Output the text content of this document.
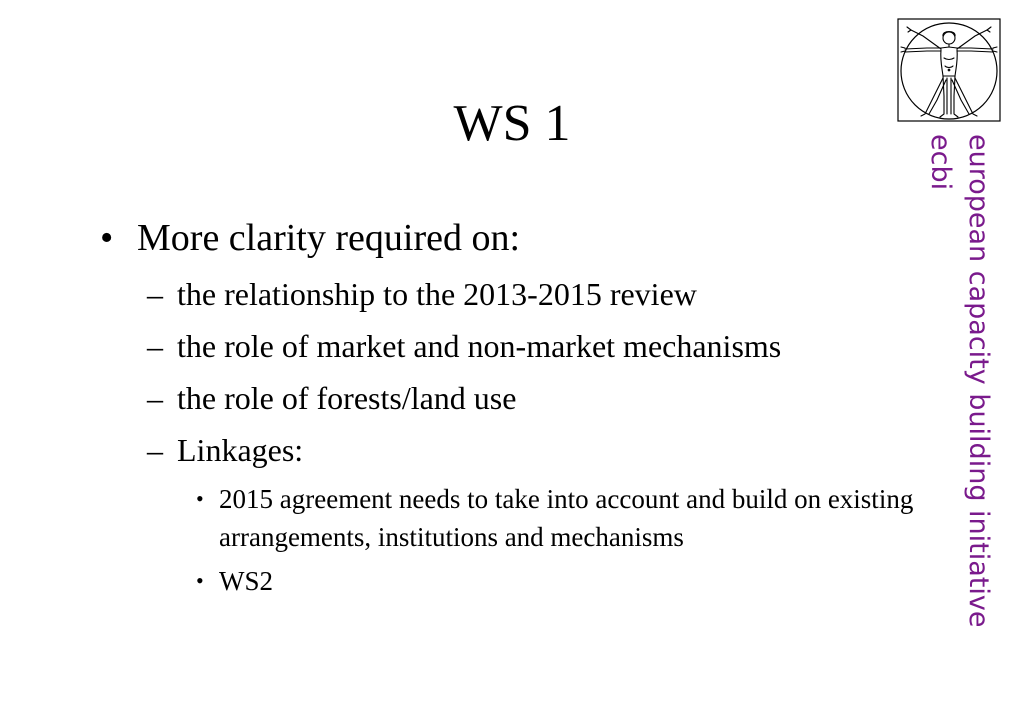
WS 1
• More clarity required on:
– the relationship to the 2013-2015 review
– the role of market and non-market mechanisms
– the role of forests/land use
– Linkages:
• 2015 agreement needs to take into account and build on existing arrangements, institutions and mechanisms
• WS2	european capacity building initiative
ecbi
